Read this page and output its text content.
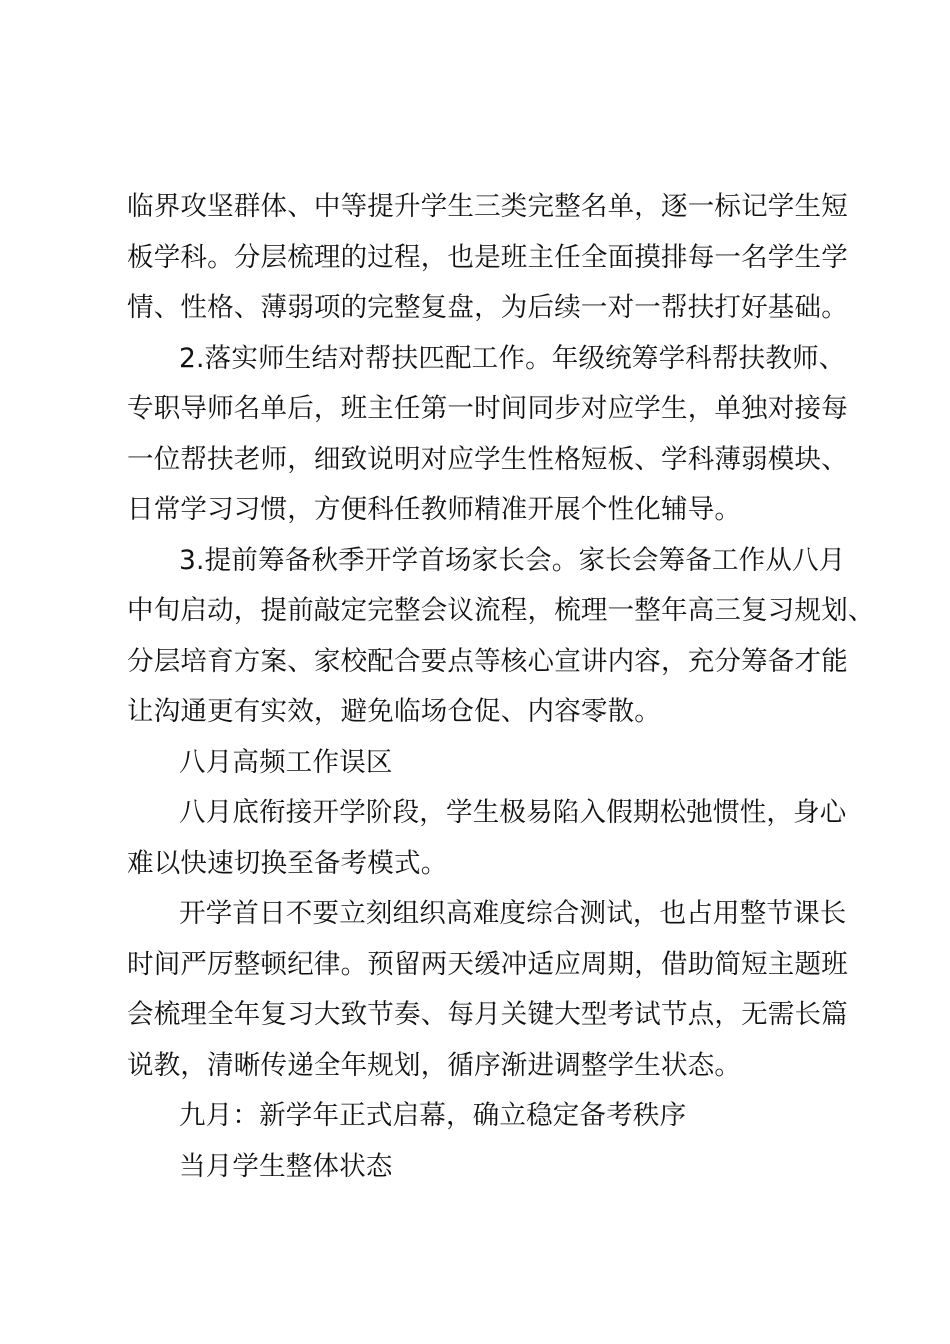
临界攻坚群体、中等提升学生三类完整名单，逐一标记学生短
板学科。分层梳理的过程，也是班主任全面摸排每一名学生学
情、性格、薄弱项的完整复盘，为后续一对一帮扶打好基础。
2.落实师生结对帮扶匹配工作。年级统筹学科帮扶教师、
专职导师名单后，班主任第一时间同步对应学生，单独对接每
一位帮扶老师，细致说明对应学生性格短板、学科薄弱模块、
日常学习习惯，方便科任教师精准开展个性化辅导。
3.提前筹备秋季开学首场家长会。家长会筹备工作从八月
中旬启动，提前敲定完整会议流程，梳理一整年高三复习规划、
分层培育方案、家校配合要点等核心宣讲内容，充分筹备才能
让沟通更有实效，避免临场仓促、内容零散。
八月高频工作误区
八月底衔接开学阶段，学生极易陷入假期松弛惯性，身心
难以快速切换至备考模式。
开学首日不要立刻组织高难度综合测试，也占用整节课长
时间严厉整顿纪律。预留两天缓冲适应周期，借助简短主题班
会梳理全年复习大致节奏、每月关键大型考试节点，无需长篇
说教，清晰传递全年规划，循序渐进调整学生状态。
九月：新学年正式启幕，确立稳定备考秩序
当月学生整体状态
